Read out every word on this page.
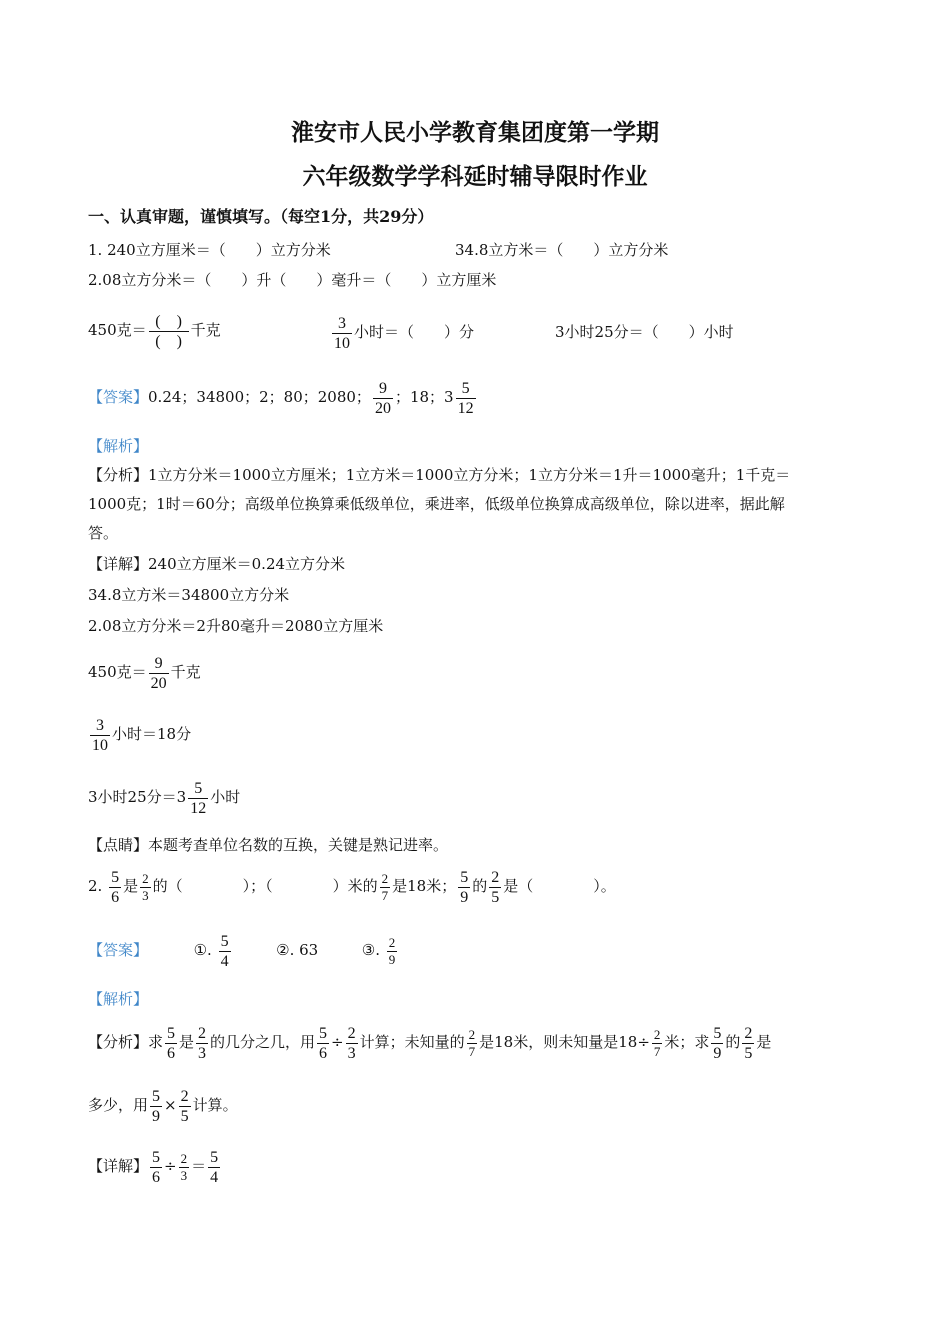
淮安市人民小学教育集团度第一学期
六年级数学学科延时辅导限时作业
一、认真审题，谨慎填写。（每空1分，共29分）
1. 240立方厘米＝（　　）立方分米	34.8立方米＝（　　）立方分米
2.08立方分米＝（　　）升（　　）毫升＝（　　）立方厘米
450克＝ $\frac{( )}{( )}$ 千克	$\frac{3}{10}$ 小时＝（　　）分	3小时25分＝（　　）小时
【答案】0.24；34800；2；80；2080； $\frac{9}{20}$ ；18；$3 \frac{5}{12}$
【解析】
【分析】1立方分米＝1000立方厘米；1立方米＝1000立方分米；1立方分米＝1升＝1000毫升；1千克＝
1000克；1时＝60分；高级单位换算乘低级单位，乘进率，低级单位换算成高级单位，除以进率，据此解
答。
【详解】240立方厘米＝0.24立方分米
34.8立方米＝34800立方分米
2.08立方分米＝2升80毫升＝2080立方厘米
450克＝ $\frac{9}{20}$ 千克
$\frac{3}{10}$ 小时＝18分
3小时25分$=3 \frac{5}{12}$ 小时
【点睛】本题考查单位名数的互换，关键是熟记进率。
2. $\frac{5}{6}$ 是 $\frac{2}{3}$ 的（　　　　）；（　　　　）米的 $\frac{2}{7}$ 是18米； $\frac{5}{9}$ 的 $\frac{2}{5}$ 是（　　　　）。
【答案】	①. $\frac{5}{4}$	②. 63	③. $\frac{2}{9}$
【解析】
【分析】求 $\frac{5}{6}$ 是 $\frac{2}{3}$ 的几分之几，用 $\frac{5}{6} \div \frac{2}{3}$ 计算；未知量的 $\frac{2}{7}$ 是18米，则未知量是$18\div \frac{2}{7}$ 米；求 $\frac{5}{9}$ 的 $\frac{2}{5}$ 是
多少，用 $\frac{5}{9} \times \frac{2}{5}$ 计算。
【详解】 $\frac{5}{6} \div \frac{2}{3} = \frac{5}{4}$
